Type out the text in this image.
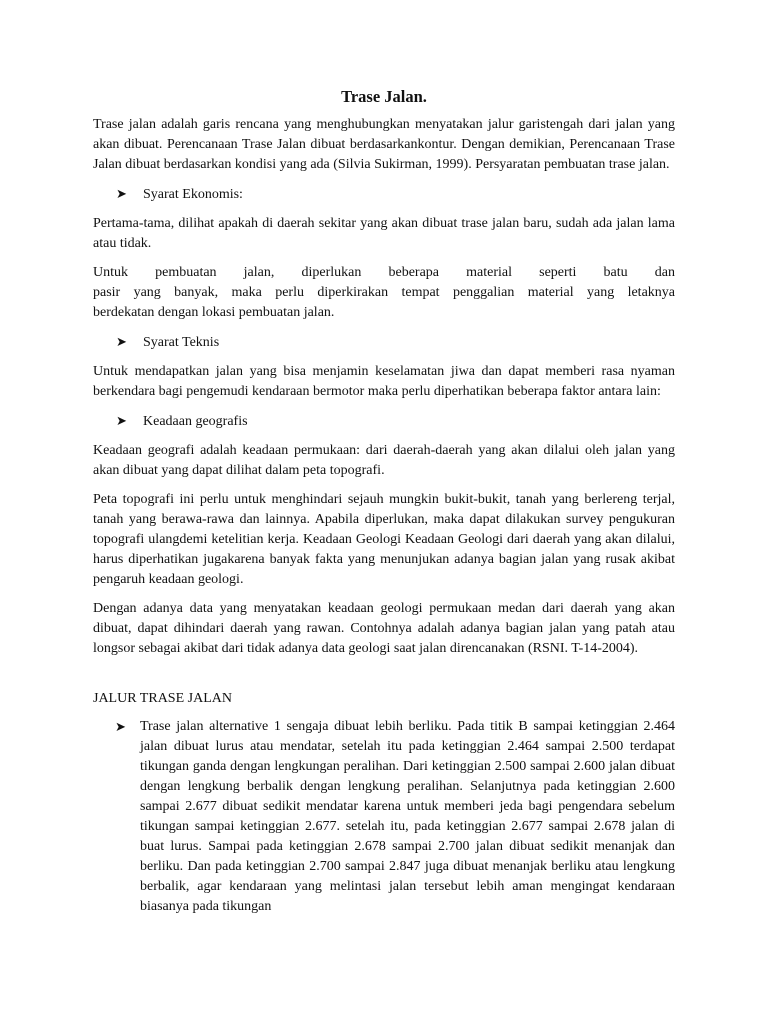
Trase Jalan.

Trase jalan adalah garis rencana yang menghubungkan menyatakan jalur garistengah dari jalan yang akan dibuat. Perencanaan Trase Jalan dibuat berdasarkankontur. Dengan demikian, Perencanaan Trase Jalan dibuat berdasarkan kondisi yang ada (Silvia Sukirman, 1999). Persyaratan pembuatan trase jalan.

➤	Syarat Ekonomis:

Pertama-tama, dilihat apakah di daerah sekitar yang akan dibuat trase jalan baru, sudah ada jalan lama atau tidak.

Untuk pembuatan jalan, diperlukan beberapa material seperti batu dan

pasir yang banyak, maka perlu diperkirakan tempat penggalian material yang letaknya

berdekatan dengan lokasi pembuatan jalan.

➤	Syarat Teknis

Untuk mendapatkan jalan yang bisa menjamin keselamatan jiwa dan dapat memberi rasa nyaman berkendara bagi pengemudi kendaraan bermotor maka perlu diperhatikan beberapa faktor antara lain:

➤	Keadaan geografis

Keadaan geografi adalah keadaan permukaan: dari daerah-daerah yang akan dilalui oleh jalan yang akan dibuat yang dapat dilihat dalam peta topografi.

Peta topografi ini perlu untuk menghindari sejauh mungkin bukit-bukit, tanah yang berlereng terjal, tanah yang berawa-rawa dan lainnya. Apabila diperlukan, maka dapat dilakukan survey pengukuran topografi ulangdemi ketelitian kerja. Keadaan Geologi Keadaan Geologi dari daerah yang akan dilalui, harus diperhatikan jugakarena banyak fakta yang menunjukan adanya bagian jalan yang rusak akibat pengaruh keadaan geologi.

Dengan adanya data yang menyatakan keadaan geologi permukaan medan dari daerah yang akan dibuat, dapat dihindari daerah yang rawan. Contohnya adalah adanya bagian jalan yang patah atau longsor sebagai akibat dari tidak adanya data geologi saat jalan direncanakan (RSNI. T-14-2004).

JALUR TRASE JALAN
➤	Trase jalan alternative 1 sengaja dibuat lebih berliku. Pada titik B sampai ketinggian 2.464 jalan dibuat lurus atau mendatar, setelah itu pada ketinggian 2.464 sampai 2.500 terdapat tikungan ganda dengan lengkungan peralihan. Dari ketinggian 2.500 sampai 2.600 jalan dibuat dengan lengkung berbalik dengan lengkung peralihan. Selanjutnya pada ketinggian 2.600 sampai 2.677 dibuat sedikit mendatar karena untuk memberi jeda bagi pengendara sebelum tikungan sampai ketinggian 2.677. setelah itu, pada ketinggian 2.677 sampai 2.678 jalan di buat lurus. Sampai pada ketinggian 2.678 sampai 2.700 jalan dibuat sedikit menanjak dan berliku. Dan pada ketinggian 2.700 sampai 2.847 juga dibuat menanjak berliku atau lengkung berbalik, agar kendaraan yang melintasi jalan tersebut lebih aman mengingat kendaraan biasanya pada tikungan
